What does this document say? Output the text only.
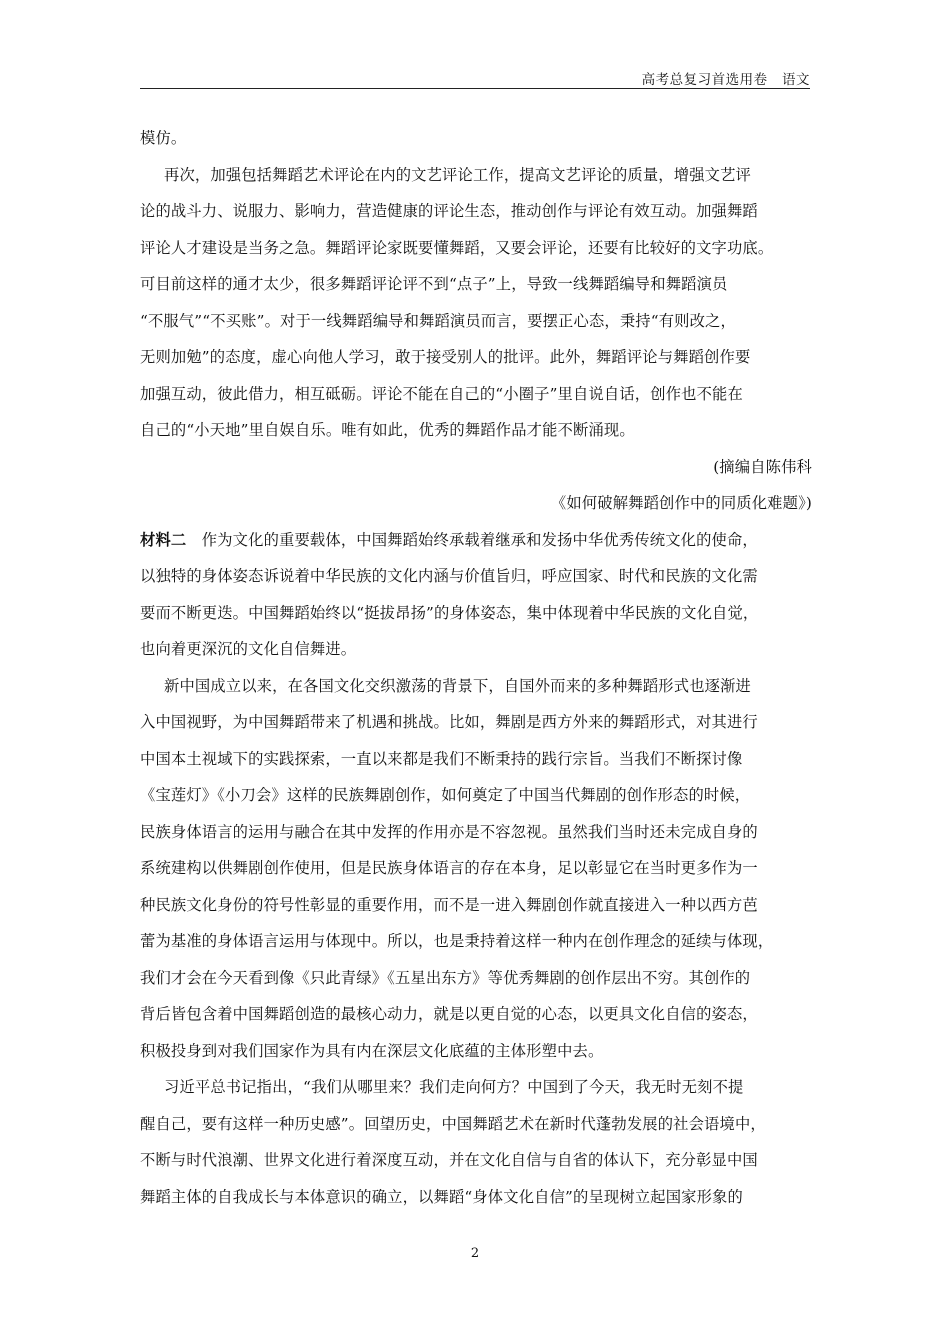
高考总复习首选用卷   语文
模仿。
再次，加强包括舞蹈艺术评论在内的文艺评论工作，提高文艺评论的质量，增强文艺评
论的战斗力、说服力、影响力，营造健康的评论生态，推动创作与评论有效互动。加强舞蹈
评论人才建设是当务之急。舞蹈评论家既要懂舞蹈，又要会评论，还要有比较好的文字功底。
可目前这样的通才太少，很多舞蹈评论评不到“点子”上，导致一线舞蹈编导和舞蹈演员
“不服气”“不买账”。对于一线舞蹈编导和舞蹈演员而言，要摆正心态，秉持“有则改之，
无则加勉”的态度，虚心向他人学习，敢于接受别人的批评。此外，舞蹈评论与舞蹈创作要
加强互动，彼此借力，相互砥砺。评论不能在自己的“小圈子”里自说自话，创作也不能在
自己的“小天地”里自娱自乐。唯有如此，优秀的舞蹈作品才能不断涌现。
(摘编自陈伟科
《如何破解舞蹈创作中的同质化难题》)
材料二　作为文化的重要载体，中国舞蹈始终承载着继承和发扬中华优秀传统文化的使命，
以独特的身体姿态诉说着中华民族的文化内涵与价值旨归，呼应国家、时代和民族的文化需
要而不断更迭。中国舞蹈始终以“挺拔昂扬”的身体姿态，集中体现着中华民族的文化自觉，
也向着更深沉的文化自信舞进。
新中国成立以来，在各国文化交织激荡的背景下，自国外而来的多种舞蹈形式也逐渐进
入中国视野，为中国舞蹈带来了机遇和挑战。比如，舞剧是西方外来的舞蹈形式，对其进行
中国本土视域下的实践探索，一直以来都是我们不断秉持的践行宗旨。当我们不断探讨像
《宝莲灯》《小刀会》这样的民族舞剧创作，如何奠定了中国当代舞剧的创作形态的时候，
民族身体语言的运用与融合在其中发挥的作用亦是不容忽视。虽然我们当时还未完成自身的
系统建构以供舞剧创作使用，但是民族身体语言的存在本身，足以彰显它在当时更多作为一
种民族文化身份的符号性彰显的重要作用，而不是一进入舞剧创作就直接进入一种以西方芭
蕾为基准的身体语言运用与体现中。所以，也是秉持着这样一种内在创作理念的延续与体现，
我们才会在今天看到像《只此青绿》《五星出东方》等优秀舞剧的创作层出不穷。其创作的
背后皆包含着中国舞蹈创造的最核心动力，就是以更自觉的心态，以更具文化自信的姿态，
积极投身到对我们国家作为具有内在深层文化底蕴的主体形塑中去。
习近平总书记指出，“我们从哪里来？我们走向何方？中国到了今天，我无时无刻不提
醒自己，要有这样一种历史感”。回望历史，中国舞蹈艺术在新时代蓬勃发展的社会语境中，
不断与时代浪潮、世界文化进行着深度互动，并在文化自信与自省的体认下，充分彰显中国
舞蹈主体的自我成长与本体意识的确立，以舞蹈“身体文化自信”的呈现树立起国家形象的
2
